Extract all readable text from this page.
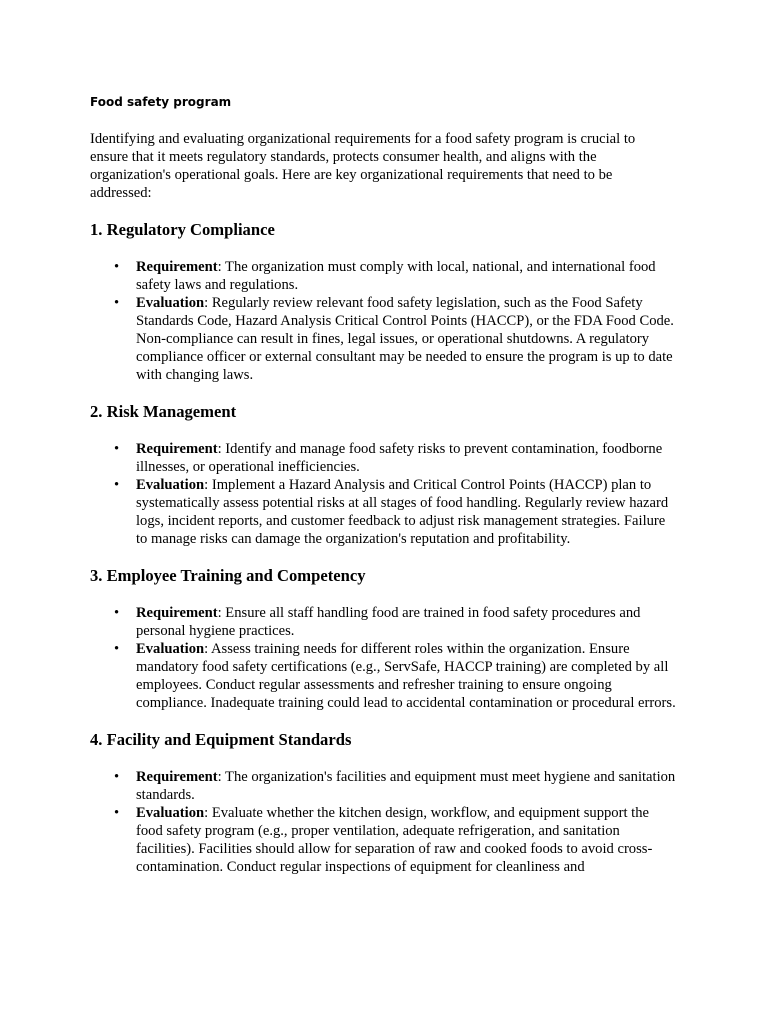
Food safety program

Identifying and evaluating organizational requirements for a food safety program is crucial to ensure that it meets regulatory standards, protects consumer health, and aligns with the organization's operational goals. Here are key organizational requirements that need to be addressed:

1. Regulatory Compliance
• Requirement: The organization must comply with local, national, and international food safety laws and regulations.
• Evaluation: Regularly review relevant food safety legislation, such as the Food Safety Standards Code, Hazard Analysis Critical Control Points (HACCP), or the FDA Food Code. Non-compliance can result in fines, legal issues, or operational shutdowns. A regulatory compliance officer or external consultant may be needed to ensure the program is up to date with changing laws.
2. Risk Management
• Requirement: Identify and manage food safety risks to prevent contamination, foodborne illnesses, or operational inefficiencies.
• Evaluation: Implement a Hazard Analysis and Critical Control Points (HACCP) plan to systematically assess potential risks at all stages of food handling. Regularly review hazard logs, incident reports, and customer feedback to adjust risk management strategies. Failure to manage risks can damage the organization's reputation and profitability.
3. Employee Training and Competency
• Requirement: Ensure all staff handling food are trained in food safety procedures and personal hygiene practices.
• Evaluation: Assess training needs for different roles within the organization. Ensure mandatory food safety certifications (e.g., ServSafe, HACCP training) are completed by all employees. Conduct regular assessments and refresher training to ensure ongoing compliance. Inadequate training could lead to accidental contamination or procedural errors.
4. Facility and Equipment Standards
• Requirement: The organization's facilities and equipment must meet hygiene and sanitation standards.
• Evaluation: Evaluate whether the kitchen design, workflow, and equipment support the food safety program (e.g., proper ventilation, adequate refrigeration, and sanitation facilities). Facilities should allow for separation of raw and cooked foods to avoid cross-contamination. Conduct regular inspections of equipment for cleanliness and
